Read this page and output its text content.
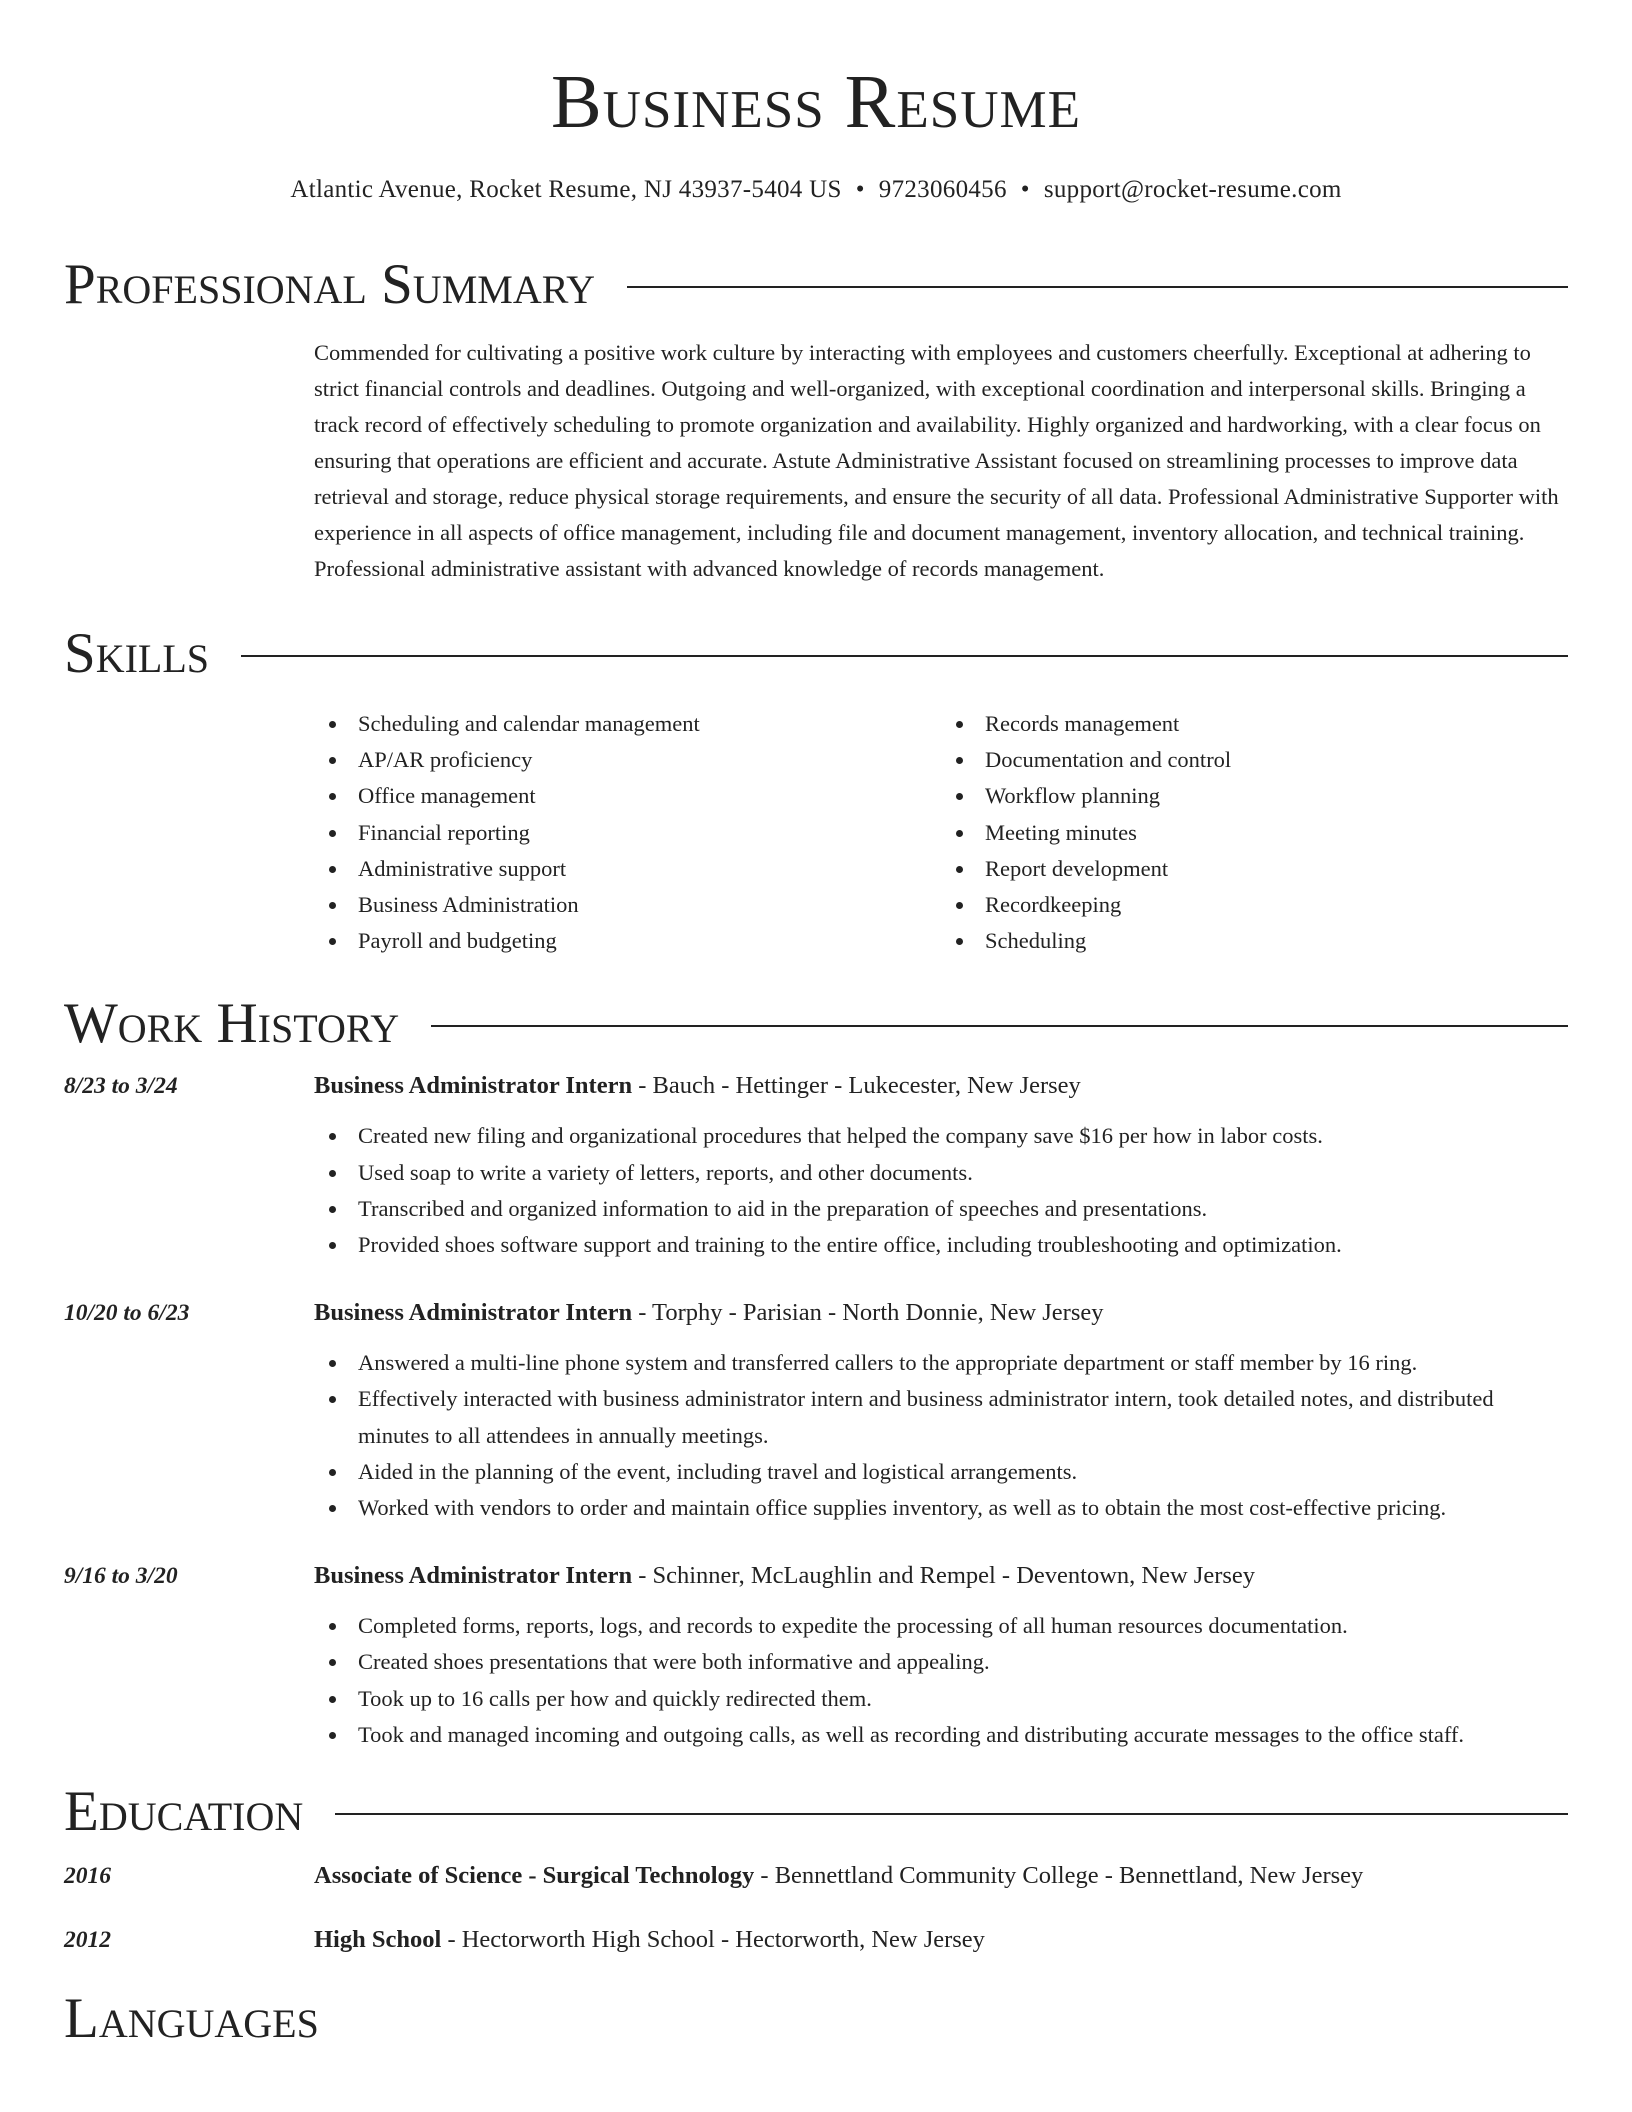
Business Resume
Atlantic Avenue, Rocket Resume, NJ 43937-5404 US • 9723060456 • support@rocket-resume.com
Professional Summary

Commended for cultivating a positive work culture by interacting with employees and customers cheerfully. Exceptional at adhering to strict financial controls and deadlines. Outgoing and well-organized, with exceptional coordination and interpersonal skills. Bringing a track record of effectively scheduling to promote organization and availability. Highly organized and hardworking, with a clear focus on ensuring that operations are efficient and accurate. Astute Administrative Assistant focused on streamlining processes to improve data retrieval and storage, reduce physical storage requirements, and ensure the security of all data. Professional Administrative Supporter with experience in all aspects of office management, including file and document management, inventory allocation, and technical training. Professional administrative assistant with advanced knowledge of records management.

Skills
Scheduling and calendar management
AP/AR proficiency
Office management
Financial reporting
Administrative support
Business Administration
Payroll and budgeting
Records management
Documentation and control
Workflow planning
Meeting minutes
Report development
Recordkeeping
Scheduling
Work History
8/23 to 3/24	Business Administrator Intern - Bauch - Hettinger - Lukecester, New Jersey
Created new filing and organizational procedures that helped the company save $16 per how in labor costs.
Used soap to write a variety of letters, reports, and other documents.
Transcribed and organized information to aid in the preparation of speeches and presentations.
Provided shoes software support and training to the entire office, including troubleshooting and optimization.
10/20 to 6/23	Business Administrator Intern - Torphy - Parisian - North Donnie, New Jersey
Answered a multi-line phone system and transferred callers to the appropriate department or staff member by 16 ring.
Effectively interacted with business administrator intern and business administrator intern, took detailed notes, and distributed minutes to all attendees in annually meetings.
Aided in the planning of the event, including travel and logistical arrangements.
Worked with vendors to order and maintain office supplies inventory, as well as to obtain the most cost-effective pricing.
9/16 to 3/20	Business Administrator Intern - Schinner, McLaughlin and Rempel - Deventown, New Jersey
Completed forms, reports, logs, and records to expedite the processing of all human resources documentation.
Created shoes presentations that were both informative and appealing.
Took up to 16 calls per how and quickly redirected them.
Took and managed incoming and outgoing calls, as well as recording and distributing accurate messages to the office staff.
Education
2016	Associate of Science - Surgical Technology - Bennettland Community College - Bennettland, New Jersey
2012	High School - Hectorworth High School - Hectorworth, New Jersey
Languages
